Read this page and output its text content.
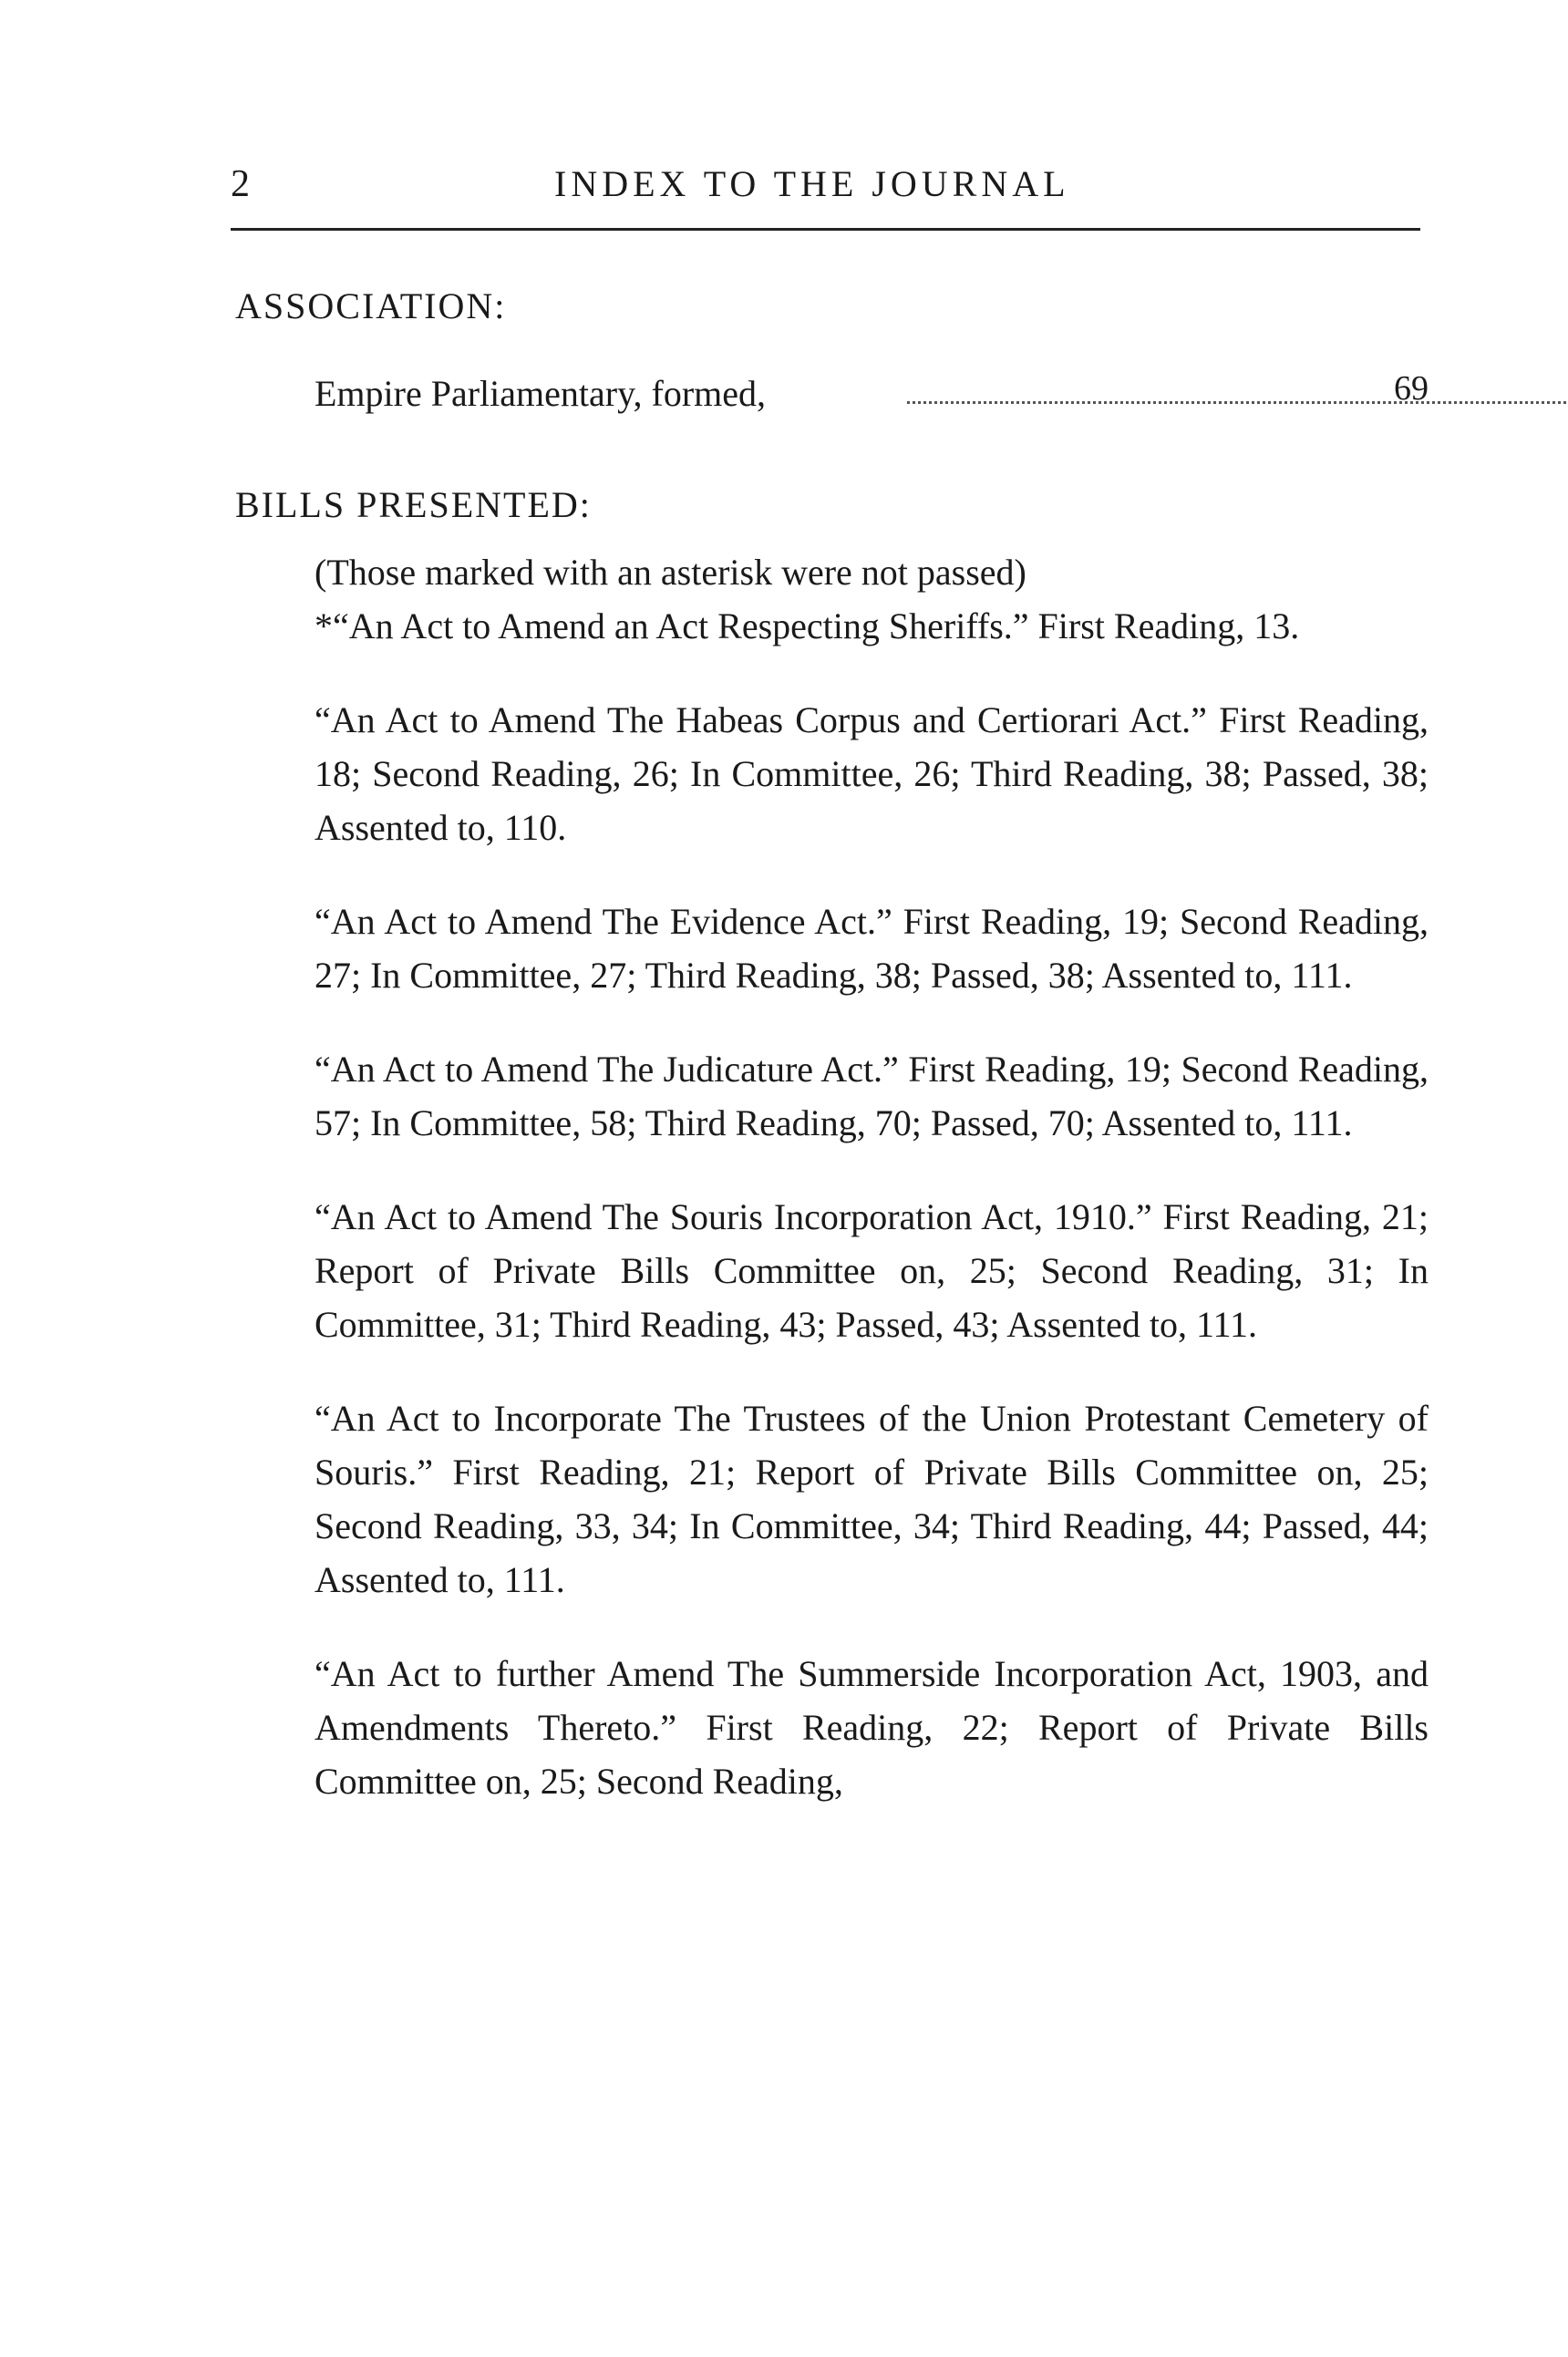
2	INDEX TO THE JOURNAL
ASSOCIATION:
Empire Parliamentary, formed,	69
BILLS PRESENTED:
(Those marked with an asterisk were not passed)

*“An Act to Amend an Act Respecting Sheriffs.” First Reading, 13.

“An Act to Amend The Habeas Corpus and Certiorari Act.” First Reading, 18; Second Reading, 26; In Committee, 26; Third Reading, 38; Passed, 38; Assented to, 110.

“An Act to Amend The Evidence Act.” First Reading, 19; Second Reading, 27; In Committee, 27; Third Reading, 38; Passed, 38; Assented to, 111.

“An Act to Amend The Judicature Act.” First Reading, 19; Second Reading, 57; In Committee, 58; Third Reading, 70; Passed, 70; Assented to, 111.

“An Act to Amend The Souris Incorporation Act, 1910.” First Reading, 21; Report of Private Bills Committee on, 25; Second Reading, 31; In Committee, 31; Third Reading, 43; Passed, 43; Assented to, 111.

“An Act to Incorporate The Trustees of the Union Protestant Cemetery of Souris.” First Reading, 21; Report of Private Bills Committee on, 25; Second Reading, 33, 34; In Committee, 34; Third Reading, 44; Passed, 44; Assented to, 111.

“An Act to further Amend The Summerside Incorporation Act, 1903, and Amendments Thereto.” First Reading, 22; Report of Private Bills Committee on, 25; Second Reading,
